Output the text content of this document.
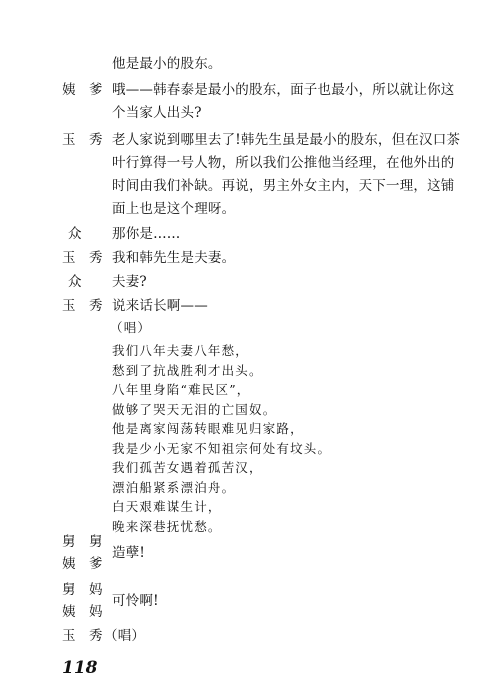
他是最小的股东。
姨　爹 哦——韩春泰是最小的股东，面子也最小，所以就让你这
个当家人出头?
玉　秀 老人家说到哪里去了!韩先生虽是最小的股东，但在汉口茶
叶行算得一号人物，所以我们公推他当经理，在他外出的
时间由我们补缺。再说，男主外女主内，天下一理，这铺
面上也是这个理呀。
众 那你是……
玉　秀 我和韩先生是夫妻。
众 夫妻?
玉　秀 说来话长啊——
（唱）
我们八年夫妻八年愁，
愁到了抗战胜利才出头。
八年里身陷“难民区”，
做够了哭天无泪的亡国奴。
他是离家闯荡转眼难见归家路，
我是少小无家不知祖宗何处有坟头。
我们孤苦女遇着孤苦汉，
漂泊船紧系漂泊舟。
白天艰难谋生计，
晚来深巷抚忧愁。
舅　舅
姨　爹
造孽!
舅　妈
可怜啊!
118
姨　妈
玉　秀 （唱）
